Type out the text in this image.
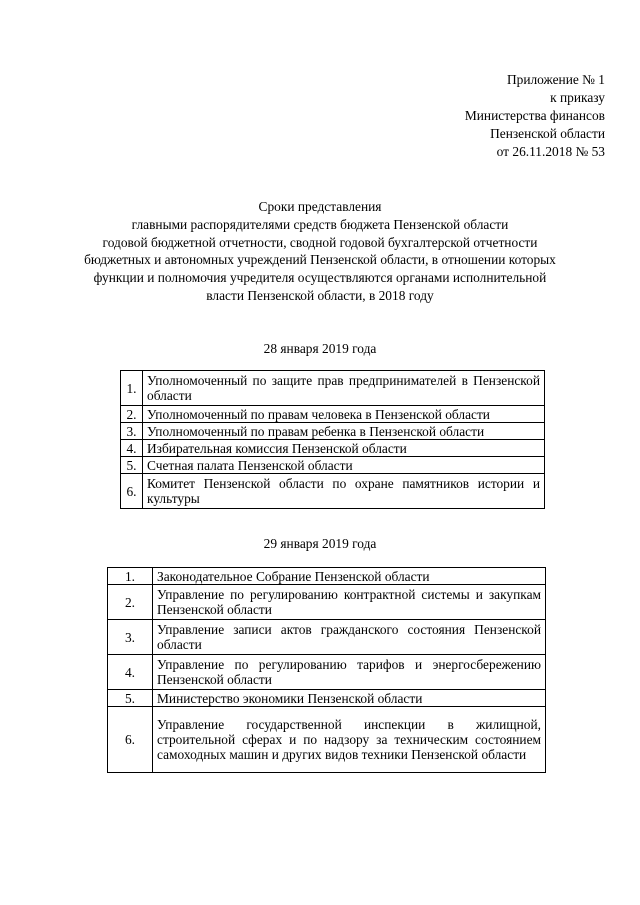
Приложение № 1
к приказу
Министерства финансов
Пензенской области
от 26.11.2018 № 53
Сроки представления
главными распорядителями средств бюджета Пензенской области
годовой бюджетной отчетности, сводной годовой бухгалтерской отчетности
бюджетных и автономных учреждений Пензенской области, в отношении которых
функции и полномочия учредителя осуществляются органами исполнительной
власти Пензенской области, в 2018 году
28 января 2019 года
1.	Уполномоченный по защите прав предпринимателей в Пензенской области
2.	Уполномоченный по правам человека в Пензенской области
3.	Уполномоченный по правам ребенка в Пензенской области
4.	Избирательная комиссия Пензенской области
5.	Счетная палата Пензенской области
6.	Комитет Пензенской области по охране памятников истории и культуры
29 января 2019 года
1.	Законодательное Собрание Пензенской области
2.	Управление по регулированию контрактной системы и закупкам Пензенской области
3.	Управление записи актов гражданского состояния Пензенской области
4.	Управление по регулированию тарифов и энергосбережению Пензенской области
5.	Министерство экономики Пензенской области
6.	Управление государственной инспекции в жилищной, строительной сферах и по надзору за техническим состоянием самоходных машин и других видов техники Пензенской области
